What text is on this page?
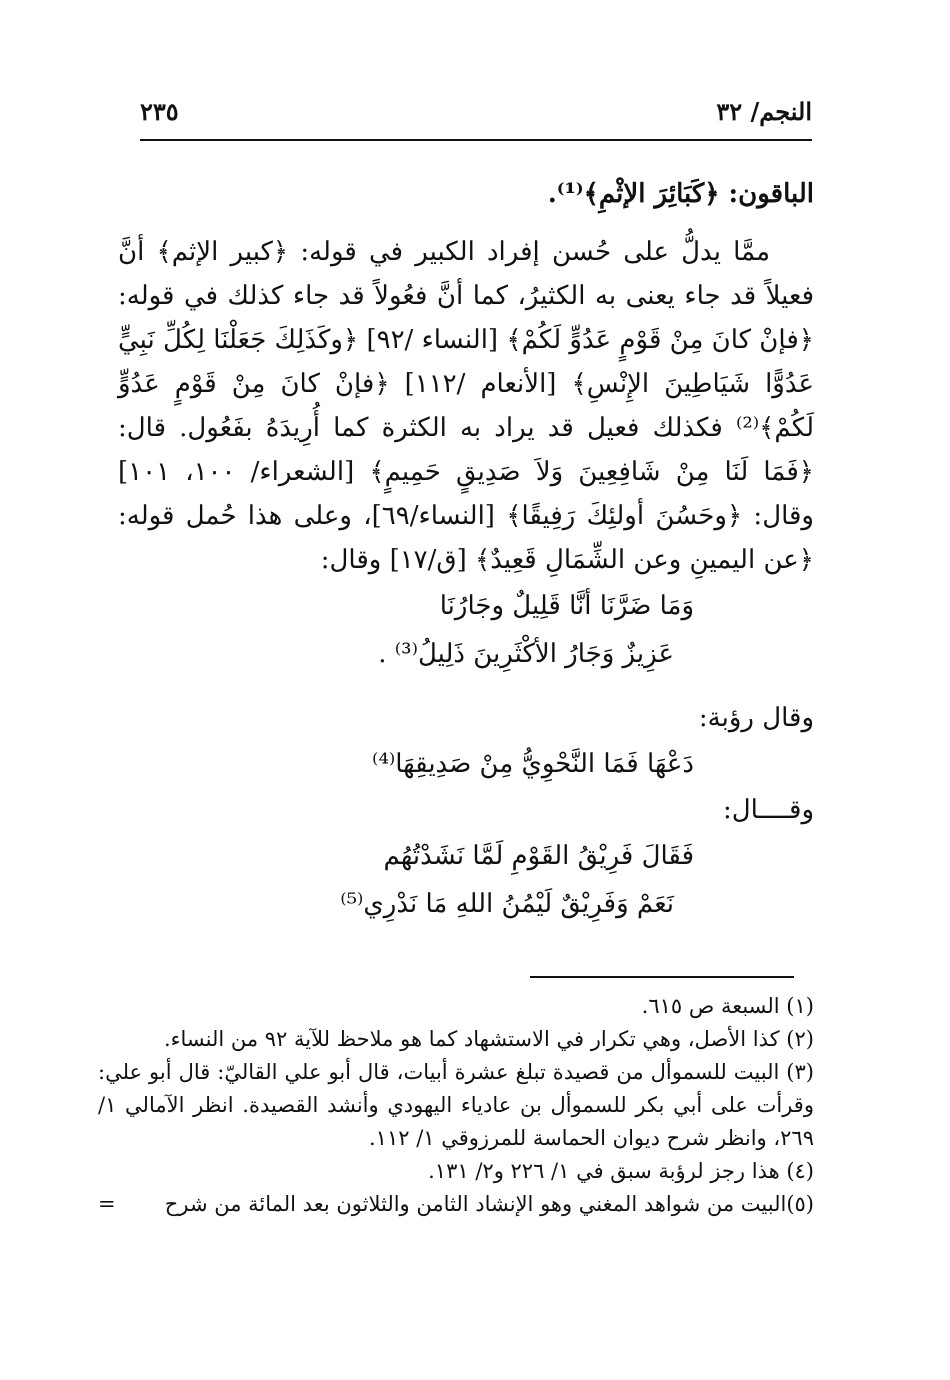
النجم/ ٣٢
٢٣٥

الباقون: ﴿كَبَائِرَ الإثْمِ﴾⁽¹⁾.

ممَّا يدلُّ على حُسن إفراد الكبير في قوله: ﴿كبير الإثم﴾ أنَّ فعيلاً قد جاء يعنى به الكثيرُ، كما أنَّ فعُولاً قد جاء كذلك في قوله: ﴿فإنْ كانَ مِنْ قَوْمٍ عَدُوٍّ لَكُمْ﴾ [النساء /٩٢] ﴿وكَذَلِكَ جَعَلْنَا لِكُلِّ نَبِيٍّ عَدُوًّا شَيَاطِينَ الإِنْسِ﴾ [الأنعام /١١٢] ﴿فإنْ كانَ مِنْ قَوْمٍ عَدُوٍّ لَكُمْ﴾⁽²⁾ فكذلك فعيل قد يراد به الكثرة كما أُرِيدَهُ بفَعُول. قال: ﴿فَمَا لَنَا مِنْ شَافِعِينَ وَلاَ صَدِيقٍ حَمِيمٍ﴾ [الشعراء/ ١٠٠، ١٠١] وقال: ﴿وحَسُنَ أولئِكَ رَفِيقًا﴾ [النساء/٦٩]، وعلى هذا حُمل قوله: ﴿عن اليمينِ وعن الشِّمَالِ قَعِيدٌ﴾ [ق/١٧] وقال:

وَمَا ضَرَّنَا أنَّا قَلِيلٌ وجَارُنَا

عَزِيزٌ وَجَارُ الأكْثَرِينَ ذَلِيلُ⁽³⁾ .

وقال رؤبة:

دَعْهَا فَمَا النَّحْوِيُّ مِنْ صَدِيقِهَا⁽⁴⁾

وقــــال:

فَقَالَ فَرِيْقُ القَوْمِ لَمَّا نَشَدْتُهُم

نَعَمْ وَفَرِيْقٌ لَيْمُنُ اللهِ مَا نَدْرِي⁽⁵⁾

(١) السبعة ص ٦١٥.

(٢) كذا الأصل، وهي تكرار في الاستشهاد كما هو ملاحظ للآية ٩٢ من النساء.

(٣) البيت للسموأل من قصيدة تبلغ عشرة أبيات، قال أبو علي القاليّ: قال أبو علي: وقرأت على أبي بكر للسموأل بن عادياء اليهودي وأنشد القصيدة. انظر الآمالي ١/ ٢٦٩، وانظر شرح ديوان الحماسة للمرزوقي ١/ ١١٢.

(٤) هذا رجز لرؤبة سبق في ١/ ٢٢٦ و٢/ ١٣١.

(٥)البيت من شواهد المغني وهو الإنشاد الثامن والثلاثون بعد المائة من شرح
=
